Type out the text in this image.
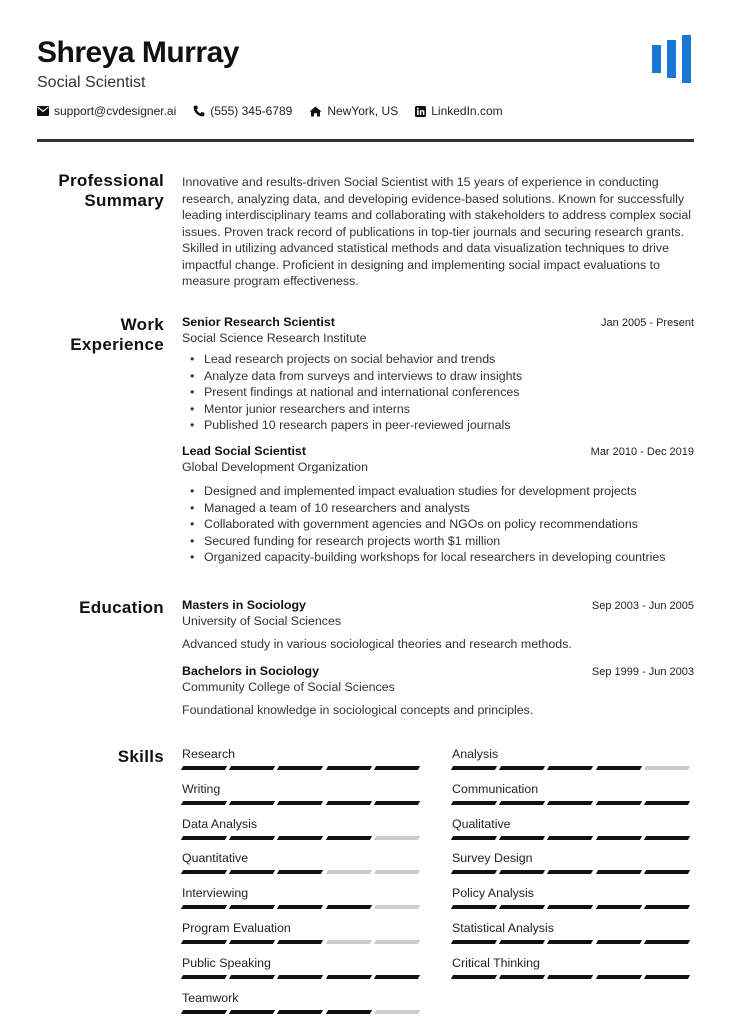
Shreya Murray
Social Scientist
support@cvdesigner.ai	(555) 345-6789	NewYork, US	LinkedIn.com
Professional
Summary
Innovative and results-driven Social Scientist with 15 years of experience in conducting research, analyzing data, and developing evidence-based solutions. Known for successfully leading interdisciplinary teams and collaborating with stakeholders to address complex social issues. Proven track record of publications in top-tier journals and securing research grants. Skilled in utilizing advanced statistical methods and data visualization techniques to drive impactful change. Proficient in designing and implementing social impact evaluations to measure program effectiveness.
Work
Experience
Senior Research Scientist	Jan 2005 - Present
Social Science Research Institute
• Lead research projects on social behavior and trends
• Analyze data from surveys and interviews to draw insights
• Present findings at national and international conferences
• Mentor junior researchers and interns
• Published 10 research papers in peer-reviewed journals
Lead Social Scientist	Mar 2010 - Dec 2019
Global Development Organization
• Designed and implemented impact evaluation studies for development projects
• Managed a team of 10 researchers and analysts
• Collaborated with government agencies and NGOs on policy recommendations
• Secured funding for research projects worth $1 million
• Organized capacity-building workshops for local researchers in developing countries
Education Masters in Sociology	Sep 2003 - Jun 2005
University of Social Sciences
Advanced study in various sociological theories and research methods.
Bachelors in Sociology	Sep 1999 - Jun 2003
Community College of Social Sciences
Foundational knowledge in sociological concepts and principles.
Skills Research	Analysis
Writing	Communication
Data Analysis	Qualitative
Quantitative	Survey Design
Interviewing	Policy Analysis
Program Evaluation	Statistical Analysis
Public Speaking	Critical Thinking
Teamwork
